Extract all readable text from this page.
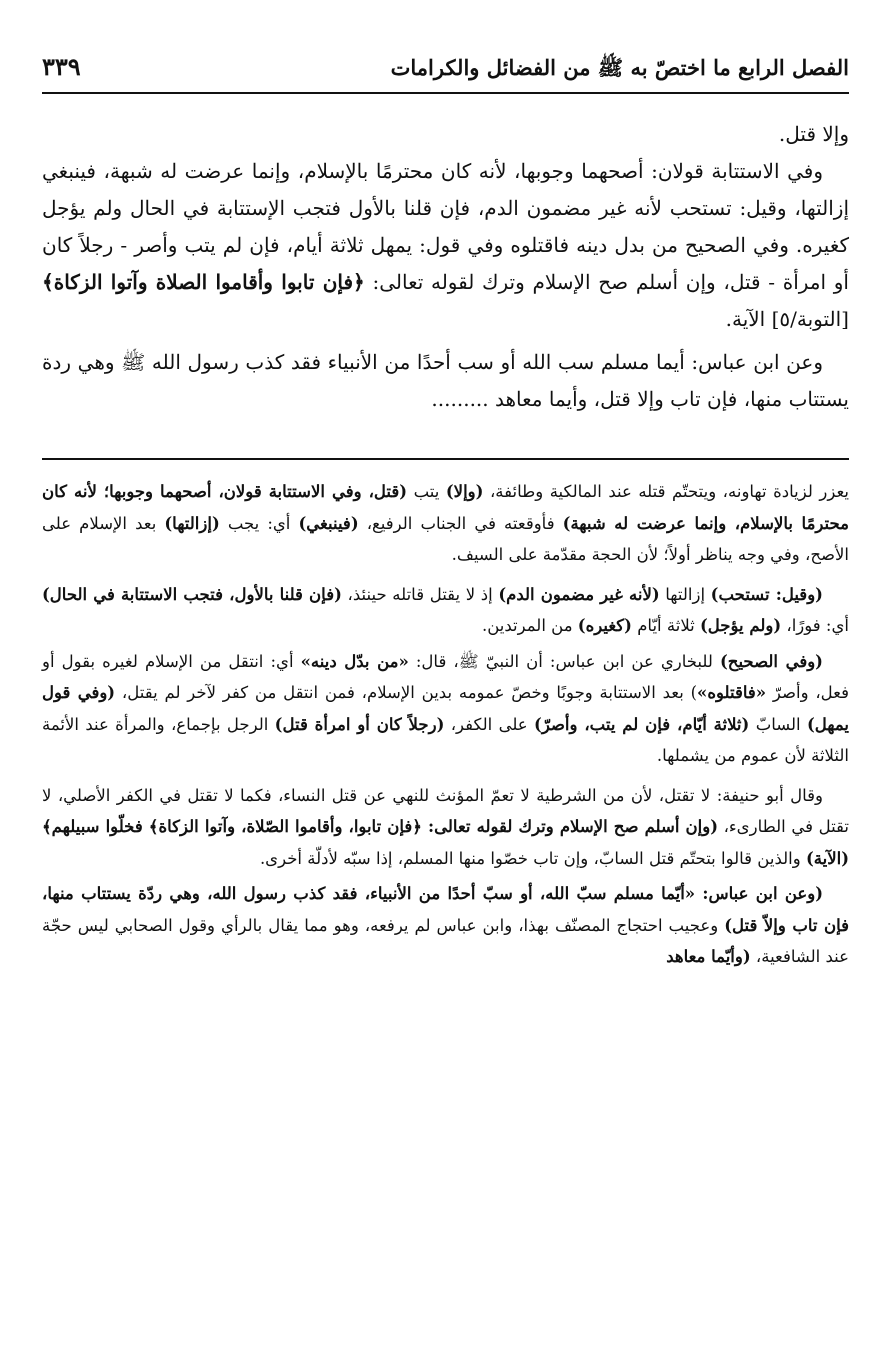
الفصل الرابع ما اختصّ به ﷺ من الفضائل والكرامات
٣٣٩

وإلا قتل.

وفي الاستتابة قولان: أصحهما وجوبها، لأنه كان محترمًا بالإسلام، وإنما عرضت له شبهة، فينبغي إزالتها، وقيل: تستحب لأنه غير مضمون الدم، فإن قلنا بالأول فتجب الإستتابة في الحال ولم يؤجل كغيره. وفي الصحيح من بدل دينه فاقتلوه وفي قول: يمهل ثلاثة أيام، فإن لم يتب وأصر - رجلاً كان أو امرأة - قتل، وإن أسلم صح الإسلام وترك لقوله تعالى: ﴿فإن تابوا وأقاموا الصلاة وآتوا الزكاة﴾ [التوبة/٥] الآية.

وعن ابن عباس: أيما مسلم سب الله أو سب أحدًا من الأنبياء فقد كذب رسول الله ﷺ وهي ردة يستتاب منها، فإن تاب وإلا قتل، وأيما معاهد .........

يعزر لزيادة تهاونه، ويتحتّم قتله عند المالكية وطائفة، (وإلا) يتب (قتل، وفي الاستتابة قولان، أصحهما وجوبها؛ لأنه كان محترمًا بالإسلام، وإنما عرضت له شبهة) فأوقعته في الجناب الرفيع، (فينبغي) أي: يجب (إزالتها) بعد الإسلام على الأصح، وفي وجه يناظر أولاً؛ لأن الحجة مقدّمة على السيف.

(وقيل: تستحب) إزالتها (لأنه غير مضمون الدم) إذ لا يقتل قاتله حينئذ، (فإن قلنا بالأول، فتجب الاستتابة في الحال) أي: فورًا، (ولم يؤجل) ثلاثة أيّام (كغيره) من المرتدين.

(وفي الصحيح) للبخاري عن ابن عباس: أن النبيّ ﷺ، قال: «من بدّل دينه» أي: انتقل من الإسلام لغيره بقول أو فعل، وأصرّ «فاقتلوه») بعد الاستتابة وجوبًا وخصّ عمومه بدين الإسلام، فمن انتقل من كفر لآخر لم يقتل، (وفي قول يمهل) السابّ (ثلاثة أيّام، فإن لم يتب، وأصرّ) على الكفر، (رجلاً كان أو امرأة قتل) الرجل بإجماع، والمرأة عند الأئمة الثلاثة لأن عموم من يشملها.

وقال أبو حنيفة: لا تقتل، لأن من الشرطية لا تعمّ المؤنث للنهي عن قتل النساء، فكما لا تقتل في الكفر الأصلي، لا تقتل في الطارىء، (وإن أسلم صح الإسلام وترك لقوله تعالى: ﴿فإن تابوا، وأقاموا الصّلاة، وآتوا الزكاة﴾ فخلّوا سبيلهم﴾ (الآية) والذين قالوا بتحتّم قتل السابّ، وإن تاب خصّوا منها المسلم، إذا سبّه لأدلّة أخرى.

(وعن ابن عباس: «أيّما مسلم سبّ الله، أو سبّ أحدًا من الأنبياء، فقد كذب رسول الله، وهي ردّة يستتاب منها، فإن تاب وإلاّ قتل) وعجيب احتجاج المصنّف بهذا، وابن عباس لم يرفعه، وهو مما يقال بالرأي وقول الصحابي ليس حجّة عند الشافعية، (وأيّما معاهد
